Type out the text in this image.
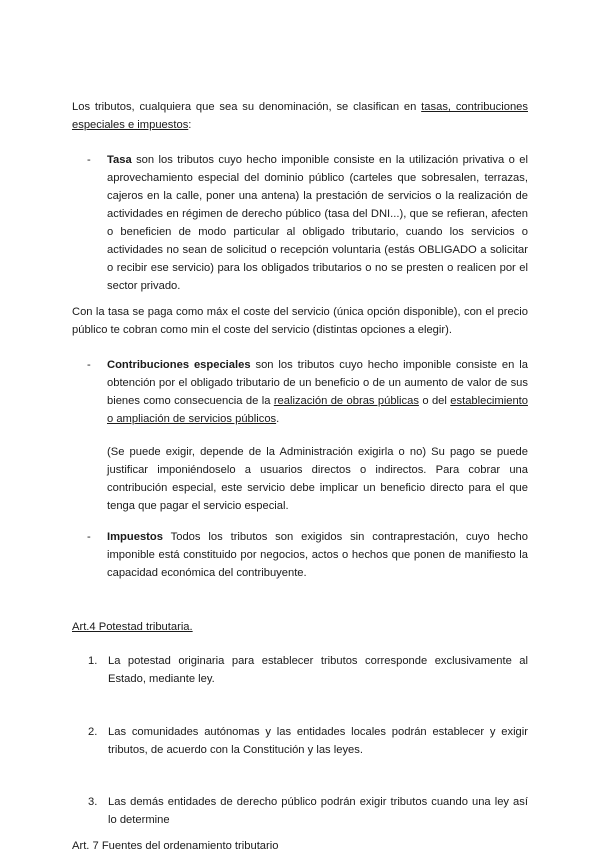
Los tributos, cualquiera que sea su denominación, se clasifican en tasas, contribuciones especiales e impuestos:

- Tasa son los tributos cuyo hecho imponible consiste en la utilización privativa o el aprovechamiento especial del dominio público (carteles que sobresalen, terrazas, cajeros en la calle, poner una antena) la prestación de servicios o la realización de actividades en régimen de derecho público (tasa del DNI...), que se refieran, afecten o beneficien de modo particular al obligado tributario, cuando los servicios o actividades no sean de solicitud o recepción voluntaria (estás OBLIGADO a solicitar o recibir ese servicio) para los obligados tributarios o no se presten o realicen por el sector privado.

Con la tasa se paga como máx el coste del servicio (única opción disponible), con el precio público te cobran como min el coste del servicio (distintas opciones a elegir).

- Contribuciones especiales son los tributos cuyo hecho imponible consiste en la obtención por el obligado tributario de un beneficio o de un aumento de valor de sus bienes como consecuencia de la realización de obras públicas o del establecimiento o ampliación de servicios públicos.

(Se puede exigir, depende de la Administración exigirla o no) Su pago se puede justificar imponiéndoselo a usuarios directos o indirectos. Para cobrar una contribución especial, este servicio debe implicar un beneficio directo para el que tenga que pagar el servicio especial.

- Impuestos Todos los tributos son exigidos sin contraprestación, cuyo hecho imponible está constituido por negocios, actos o hechos que ponen de manifiesto la capacidad económica del contribuyente.

Art.4 Potestad tributaria.

1. La potestad originaria para establecer tributos corresponde exclusivamente al Estado, mediante ley.

2. Las comunidades autónomas y las entidades locales podrán establecer y exigir tributos, de acuerdo con la Constitución y las leyes.

3. Las demás entidades de derecho público podrán exigir tributos cuando una ley así lo determine

Art. 7 Fuentes del ordenamiento tributario
